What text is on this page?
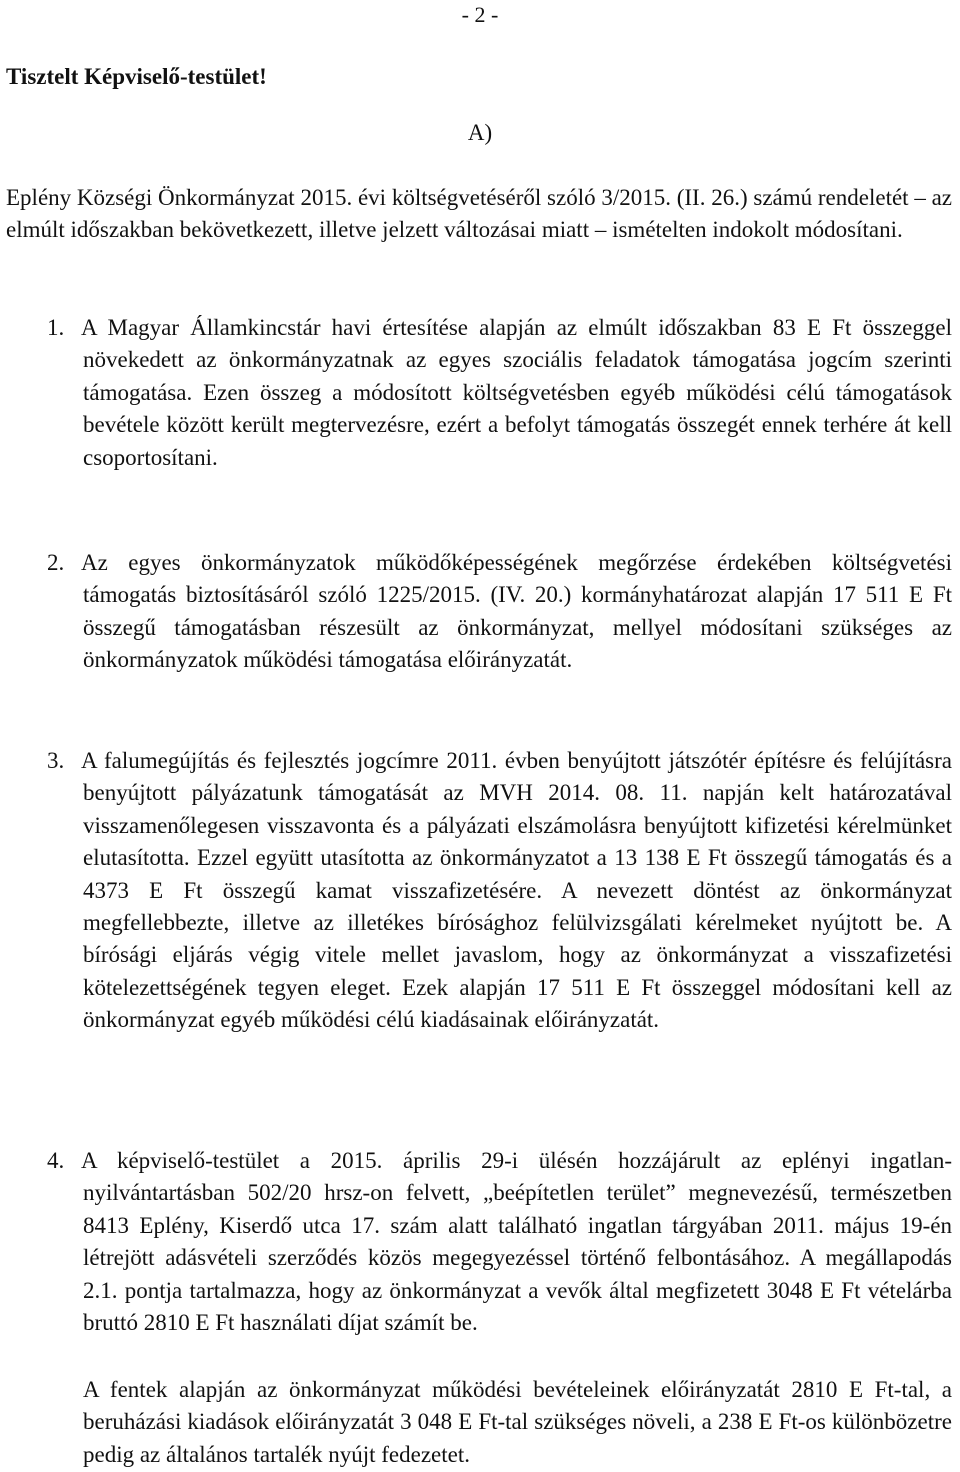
- 2 -
Tisztelt Képviselő-testület!
A)
Eplény Községi Önkormányzat 2015. évi költségvetéséről szóló 3/2015. (II. 26.) számú rendeletét – az elmúlt időszakban bekövetkezett, illetve jelzett változásai miatt – ismételten indokolt módosítani.
1. A Magyar Államkincstár havi értesítése alapján az elmúlt időszakban 83 E Ft összeggel növekedett az önkormányzatnak az egyes szociális feladatok támogatása jogcím szerinti támogatása. Ezen összeg a módosított költségvetésben egyéb működési célú támogatások bevétele között került megtervezésre, ezért a befolyt támogatás összegét ennek terhére át kell csoportosítani.
2. Az egyes önkormányzatok működőképességének megőrzése érdekében költségvetési támogatás biztosításáról szóló 1225/2015. (IV. 20.) kormányhatározat alapján 17 511 E Ft összegű támogatásban részesült az önkormányzat, mellyel módosítani szükséges az önkormányzatok működési támogatása előirányzatát.
3. A falumegújítás és fejlesztés jogcímre 2011. évben benyújtott játszótér építésre és felújításra benyújtott pályázatunk támogatását az MVH 2014. 08. 11. napján kelt határozatával visszamenőlegesen visszavonta és a pályázati elszámolásra benyújtott kifizetési kérelmünket elutasította. Ezzel együtt utasította az önkormányzatot a 13 138 E Ft összegű támogatás és a 4373 E Ft összegű kamat visszafizetésére. A nevezett döntést az önkormányzat megfellebbezte, illetve az illetékes bírósághoz felülvizsgálati kérelmeket nyújtott be. A bírósági eljárás végig vitele mellet javaslom, hogy az önkormányzat a visszafizetési kötelezettségének tegyen eleget. Ezek alapján 17 511 E Ft összeggel módosítani kell az önkormányzat egyéb működési célú kiadásainak előirányzatát.
4. A képviselő-testület a 2015. április 29-i ülésén hozzájárult az eplényi ingatlan-nyilvántartásban 502/20 hrsz-on felvett, „beépítetlen terület” megnevezésű, természetben 8413 Eplény, Kiserdő utca 17. szám alatt található ingatlan tárgyában 2011. május 19-én létrejött adásvételi szerződés közös megegyezéssel történő felbontásához. A megállapodás 2.1. pontja tartalmazza, hogy az önkormányzat a vevők által megfizetett 3048 E Ft vételárba bruttó 2810 E Ft használati díjat számít be.
A fentek alapján az önkormányzat működési bevételeinek előirányzatát 2810 E Ft-tal, a beruházási kiadások előirányzatát 3 048 E Ft-tal szükséges növeli, a 238 E Ft-os különbözetre pedig az általános tartalék nyújt fedezetet.
